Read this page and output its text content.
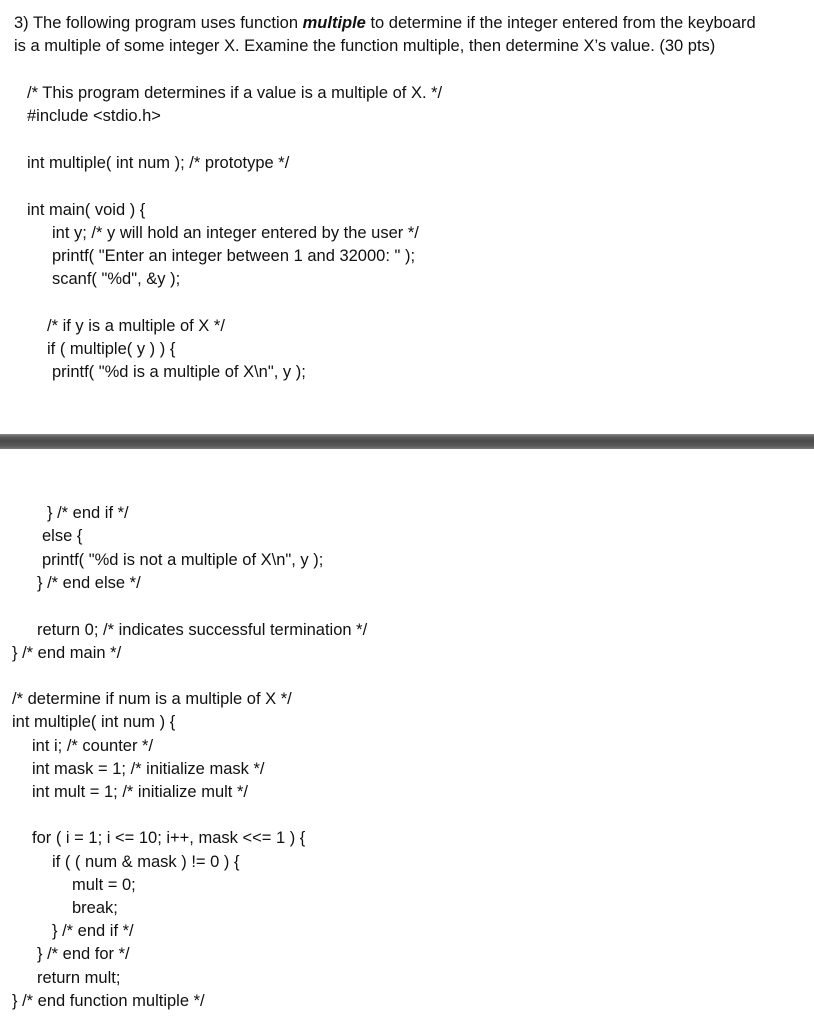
3) The following program uses function multiple to determine if the integer entered from the keyboard
is a multiple of some integer X. Examine the function multiple, then determine X’s value. (30 pts)
/* This program determines if a value is a multiple of X. */
#include <stdio.h>
int multiple( int num ); /* prototype */
int main( void ) {
int y; /* y will hold an integer entered by the user */
printf( "Enter an integer between 1 and 32000: " );
scanf( "%d", &y );
/* if y is a multiple of X */
if ( multiple( y ) ) {
printf( "%d is a multiple of X\n", y );
} /* end if */
else {
printf( "%d is not a multiple of X\n", y );
} /* end else */
return 0; /* indicates successful termination */
} /* end main */
/* determine if num is a multiple of X */
int multiple( int num ) {
int i; /* counter */
int mask = 1; /* initialize mask */
int mult = 1; /* initialize mult */
for ( i = 1; i <= 10; i++, mask <<= 1 ) {
if ( ( num & mask ) != 0 ) {
mult = 0;
break;
} /* end if */
} /* end for */
return mult;
} /* end function multiple */
